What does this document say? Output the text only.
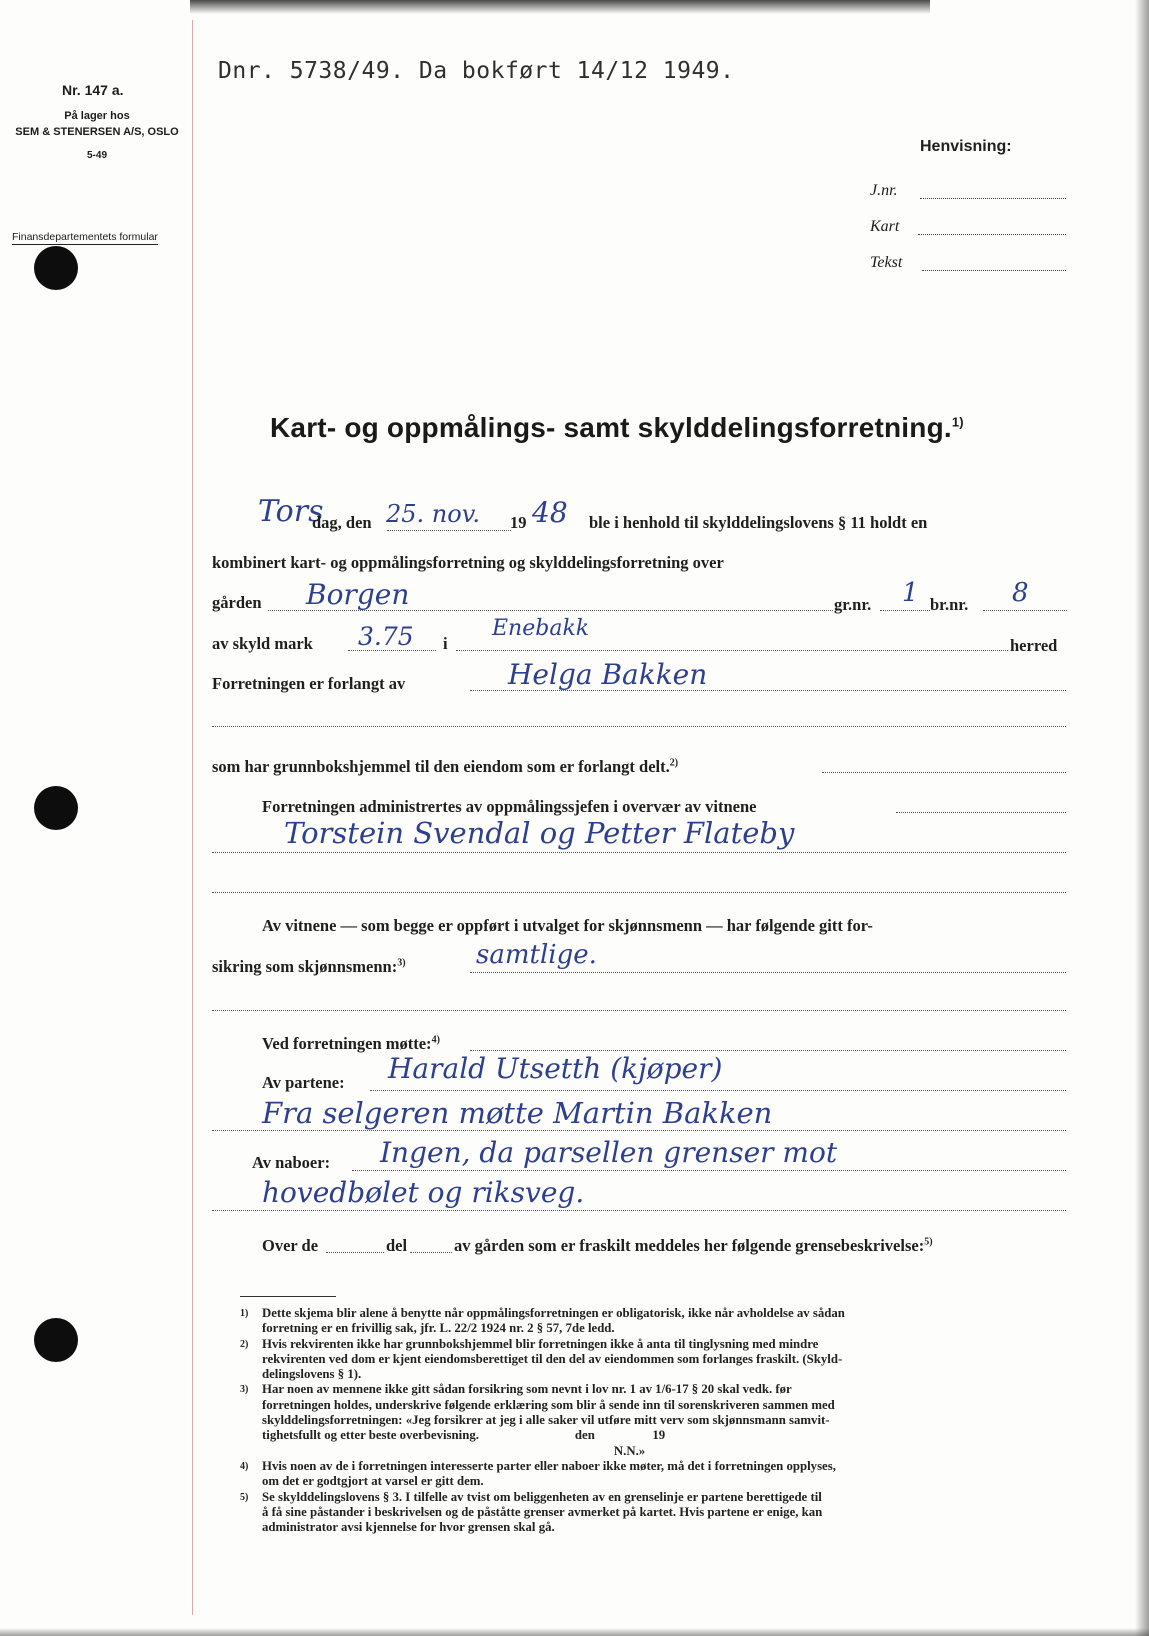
Nr. 147 a.
På lager hos
SEM & STENERSEN A/S, OSLO
5-49
Finansdepartementets formular
Dnr. 5738/49. Da bokført 14/12 1949.
Henvisning:
J.nr.
Kart
Tekst
Kart- og oppmålings- samt skylddelingsforretning.$^{1)}$
Tors
dag, den 25. nov. 19 48 ble i henhold til skylddelingslovens § 11 holdt en
kombinert kart- og oppmålingsforretning og skylddelingsforretning over
gården Borgen	gr.nr. 1 br.nr. 8
av skyld mark 3.75 i
Enebakk
herred
Forretningen er forlangt av	Helga Bakken
som har grunnbokshjemmel til den eiendom som er forlangt delt.$^{2)}$
Forretningen administrertes av oppmålingssjefen i overvær av vitnene
Torstein Svendal og Petter Flateby
Av vitnene — som begge er oppført i utvalget for skjønnsmenn — har følgende gitt for-
sikring som skjønnsmenn:$^{3)}$	samtlige.
Ved forretningen møtte:$^{4)}$
Av partene: Harald Utsetth (kjøper)
Fra selgeren møtte Martin Bakken
Av naboer: Ingen, da parsellen grenser mot
hovedbølet og riksveg.
Over de	del	av gården som er fraskilt meddeles her følgende grensebeskrivelse:$^{5)}$
1) Dette skjema blir alene å benytte når oppmålingsforretningen er obligatorisk, ikke når avholdelse av sådan
forretning er en frivillig sak, jfr. L. 22/2 1924 nr. 2 § 57, 7de ledd.
2) Hvis rekvirenten ikke har grunnbokshjemmel blir forretningen ikke å anta til tinglysning med mindre
rekvirenten ved dom er kjent eiendomsberettiget til den del av eiendommen som forlanges fraskilt. (Skyld-
delingslovens § 1).
3) Har noen av mennene ikke gitt sådan forsikring som nevnt i lov nr. 1 av 1/6-17 § 20 skal vedk. før
forretningen holdes, underskrive følgende erklæring som blir å sende inn til sorenskriveren sammen med
skylddelingsforretningen: «Jeg forsikrer at jeg i alle saker vil utføre mitt verv som skjønnsmann samvit-
tighetsfullt og etter beste overbevisning.                              den                  19
N.N.»
4) Hvis noen av de i forretningen interesserte parter eller naboer ikke møter, må det i forretningen opplyses,
om det er godtgjort at varsel er gitt dem.
5) Se skylddelingslovens § 3. I tilfelle av tvist om beliggenheten av en grenselinje er partene berettigede til
å få sine påstander i beskrivelsen og de påståtte grenser avmerket på kartet. Hvis partene er enige, kan
administrator avsi kjennelse for hvor grensen skal gå.
